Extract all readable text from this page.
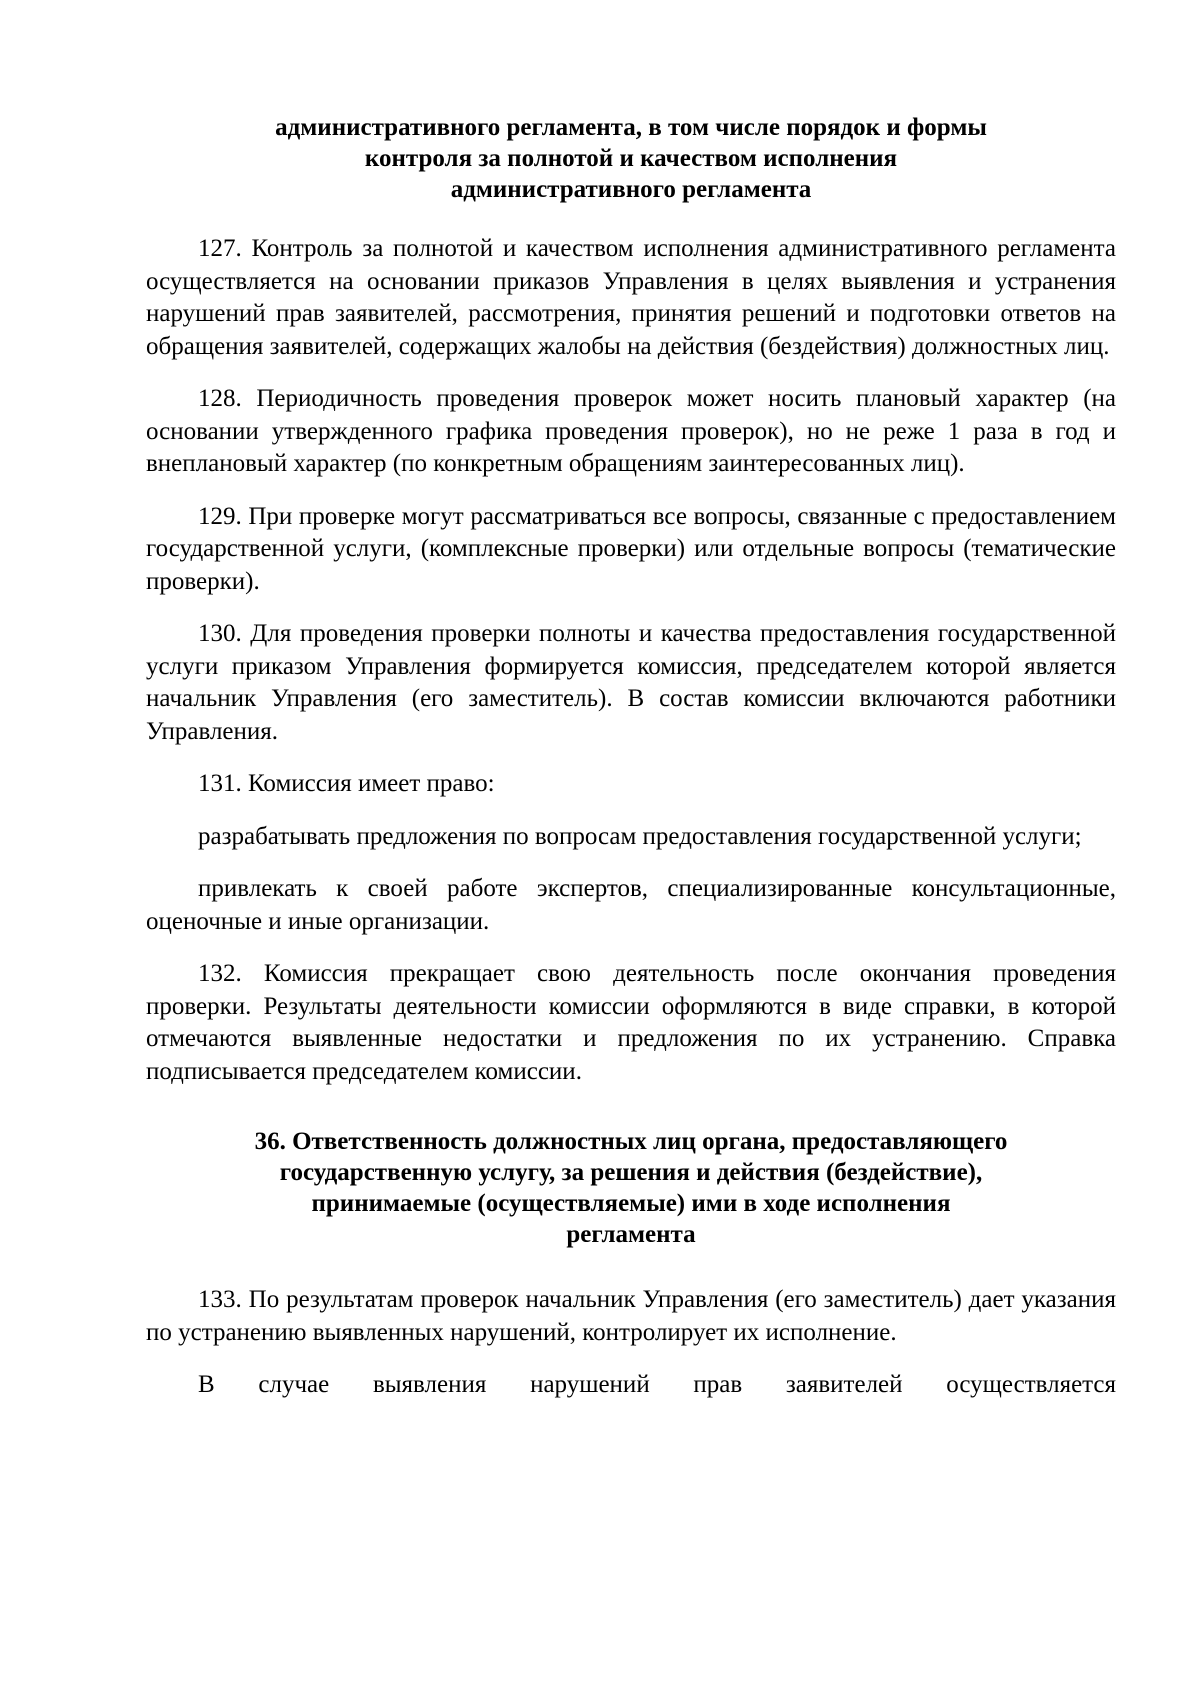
административного регламента, в том числе порядок и формы
контроля за полнотой и качеством исполнения
административного регламента

127. Контроль за полнотой и качеством исполнения административного регламента осуществляется на основании приказов Управления в целях выявления и устранения нарушений прав заявителей, рассмотрения, принятия решений и подготовки ответов на обращения заявителей, содержащих жалобы на действия (бездействия) должностных лиц.

128. Периодичность проведения проверок может носить плановый характер (на основании утвержденного графика проведения проверок), но не реже 1 раза в год и внеплановый характер (по конкретным обращениям заинтересованных лиц).

129. При проверке могут рассматриваться все вопросы, связанные с предоставлением государственной услуги, (комплексные проверки) или отдельные вопросы (тематические проверки).

130. Для проведения проверки полноты и качества предоставления государственной услуги приказом Управления формируется комиссия, председателем которой является начальник Управления (его заместитель). В состав комиссии включаются работники Управления.

131. Комиссия имеет право:

разрабатывать предложения по вопросам предоставления государственной услуги;

привлекать к своей работе экспертов, специализированные консультационные, оценочные и иные организации.

132. Комиссия прекращает свою деятельность после окончания проведения проверки. Результаты деятельности комиссии оформляются в виде справки, в которой отмечаются выявленные недостатки и предложения по их устранению. Справка подписывается председателем комиссии.

36. Ответственность должностных лиц органа, предоставляющего
государственную услугу, за решения и действия (бездействие),
принимаемые (осуществляемые) ими в ходе исполнения
регламента

133. По результатам проверок начальник Управления (его заместитель) дает указания по устранению выявленных нарушений, контролирует их исполнение.

В случае выявления нарушений прав заявителей осуществляется
